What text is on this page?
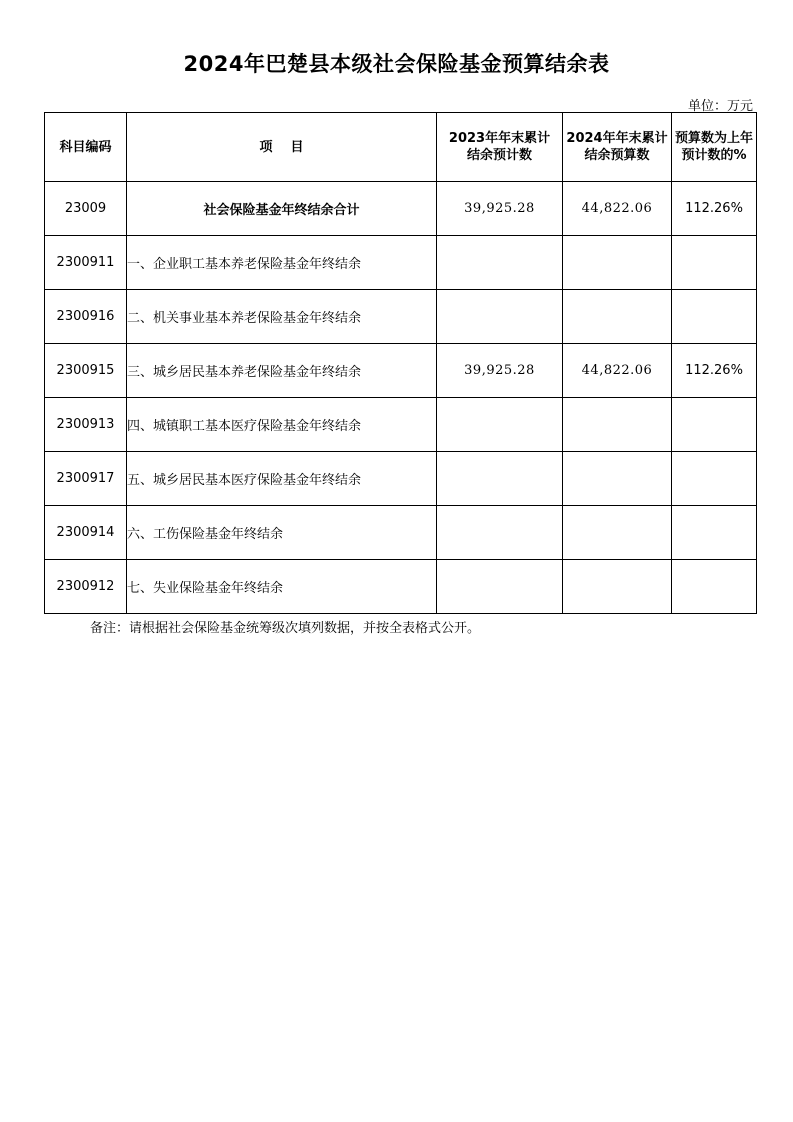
2024年巴楚县本级社会保险基金预算结余表
单位：万元
科目编码	项    目	2023年年末累计结余预计数	2024年年末累计结余预算数	预算数为上年预计数的%
23009	社会保险基金年终结余合计	39,925.28	44,822.06	112.26%
2300911	一、企业职工基本养老保险基金年终结余			
2300916	二、机关事业基本养老保险基金年终结余			
2300915	三、城乡居民基本养老保险基金年终结余	39,925.28	44,822.06	112.26%
2300913	四、城镇职工基本医疗保险基金年终结余			
2300917	五、城乡居民基本医疗保险基金年终结余			
2300914	六、工伤保险基金年终结余			
2300912	七、失业保险基金年终结余			
备注：请根据社会保险基金统筹级次填列数据，并按全表格式公开。
